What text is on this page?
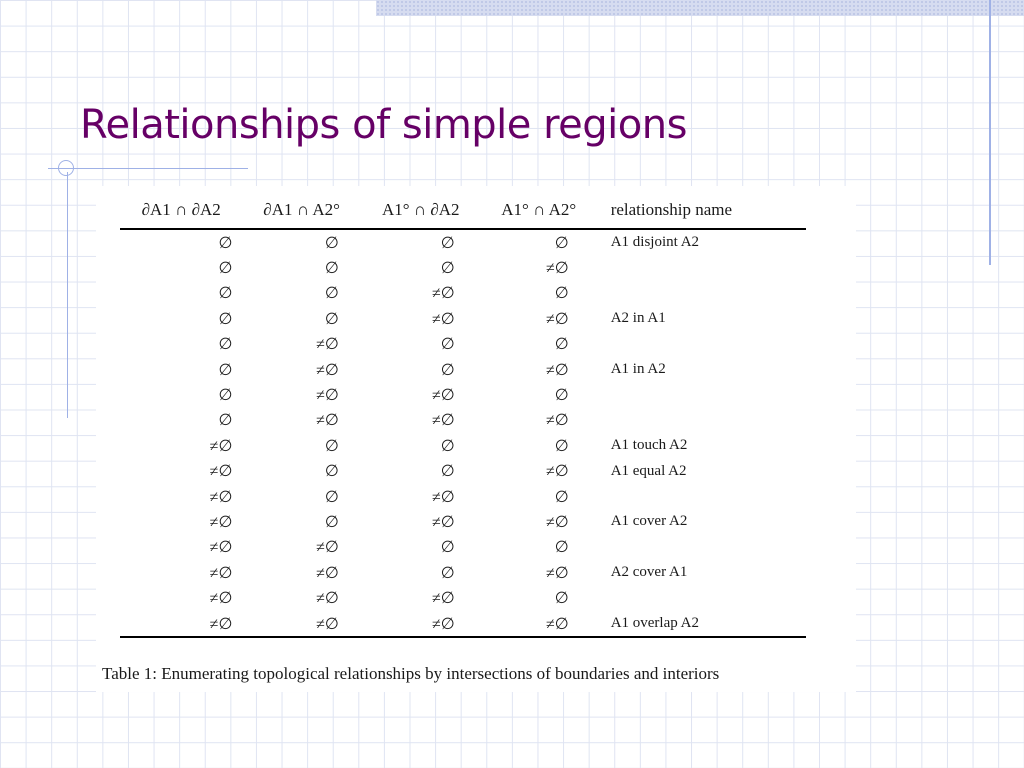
Relationships of simple regions
∂A1 ∩ ∂A2	∂A1 ∩ A2°	A1° ∩ ∂A2	A1° ∩ A2°	relationship name
∅	∅	∅	∅	A1 disjoint A2
∅	∅	∅	≠∅	
∅	∅	≠∅	∅	
∅	∅	≠∅	≠∅	A2 in A1
∅	≠∅	∅	∅	
∅	≠∅	∅	≠∅	A1 in A2
∅	≠∅	≠∅	∅	
∅	≠∅	≠∅	≠∅	
≠∅	∅	∅	∅	A1 touch A2
≠∅	∅	∅	≠∅	A1 equal A2
≠∅	∅	≠∅	∅	
≠∅	∅	≠∅	≠∅	A1 cover A2
≠∅	≠∅	∅	∅	
≠∅	≠∅	∅	≠∅	A2 cover A1
≠∅	≠∅	≠∅	∅	
≠∅	≠∅	≠∅	≠∅	A1 overlap A2

Table 1: Enumerating topological relationships by intersections of boundaries and interiors
